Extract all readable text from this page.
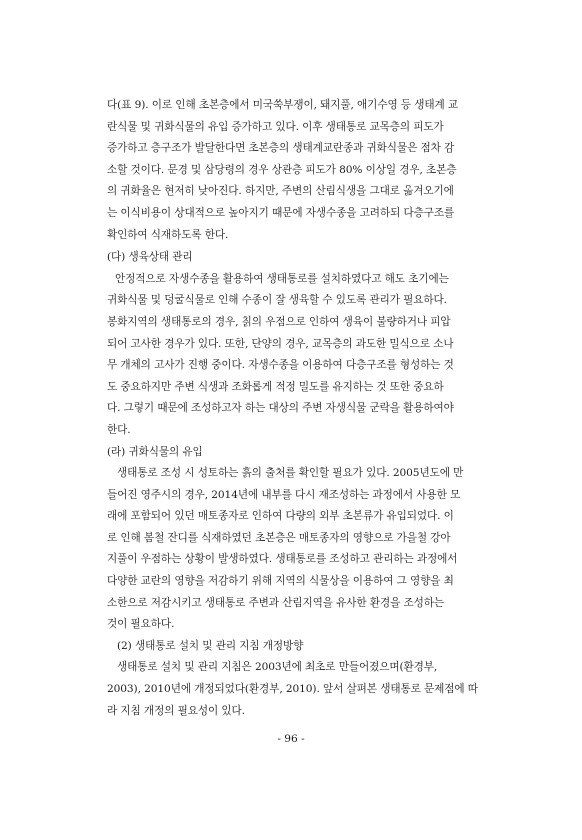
다(표 9). 이로 인해 초본층에서 미국쑥부쟁이, 돼지풀, 애기수영 등 생태계 교
란식물 및 귀화식물의 유입 증가하고 있다. 이후 생태통로 교목층의 피도가
증가하고 층구조가 발달한다면 초본층의 생태계교란종과 귀화식물은 점차 감
소할 것이다. 문경 및 삼당령의 경우 상관층 피도가 80% 이상일 경우, 초본층
의 귀화율은 현저히 낮아진다. 하지만, 주변의 산림식생을 그대로 옮겨오기에
는 이식비용이 상대적으로 높아지기 때문에 자생수종을 고려하되 다층구조를
확인하여 식재하도록 한다.
(다) 생육상태 관리
안정적으로 자생수종을 활용하여 생태통로를 설치하였다고 해도 초기에는
귀화식물 및 덩굴식물로 인해 수종이 잘 생육할 수 있도록 관리가 필요하다.
봉화지역의 생태통로의 경우, 칡의 우점으로 인하여 생육이 불량하거나 피압
되어 고사한 경우가 있다. 또한, 단양의 경우, 교목층의 과도한 밀식으로 소나
무 개체의 고사가 진행 중이다. 자생수종을 이용하여 다층구조를 형성하는 것
도 중요하지만 주변 식생과 조화롭게 적정 밀도를 유지하는 것 또한 중요하
다. 그렇기 때문에 조성하고자 하는 대상의 주변 자생식물 군락을 활용하여야
한다.
(라) 귀화식물의 유입
생태통로 조성 시 성토하는 흙의 출처를 확인할 필요가 있다. 2005년도에 만
들어진 영주시의 경우, 2014년에 내부를 다시 재조성하는 과정에서 사용한 모
래에 포함되어 있던 매토종자로 인하여 다량의 외부 초본류가 유입되었다. 이
로 인해 봄철 잔디를 식재하였던 초본층은 매토종자의 영향으로 가을철 강아
지풀이 우점하는 상황이 발생하였다. 생태통로를 조성하고 관리하는 과정에서
다양한 교란의 영향을 저감하기 위해 지역의 식물상을 이용하여 그 영향을 최
소한으로 저감시키고 생태통로 주변과 산림지역을 유사한 환경을 조성하는
것이 필요하다.
(2) 생태통로 설치 및 관리 지침 개정방향
생태통로 설치 및 관리 지침은 2003년에 최초로 만들어졌으며(환경부,
2003), 2010년에 개정되었다(환경부, 2010). 앞서 살펴본 생태통로 문제점에 따
라 지침 개정의 필요성이 있다.
- 96 -
